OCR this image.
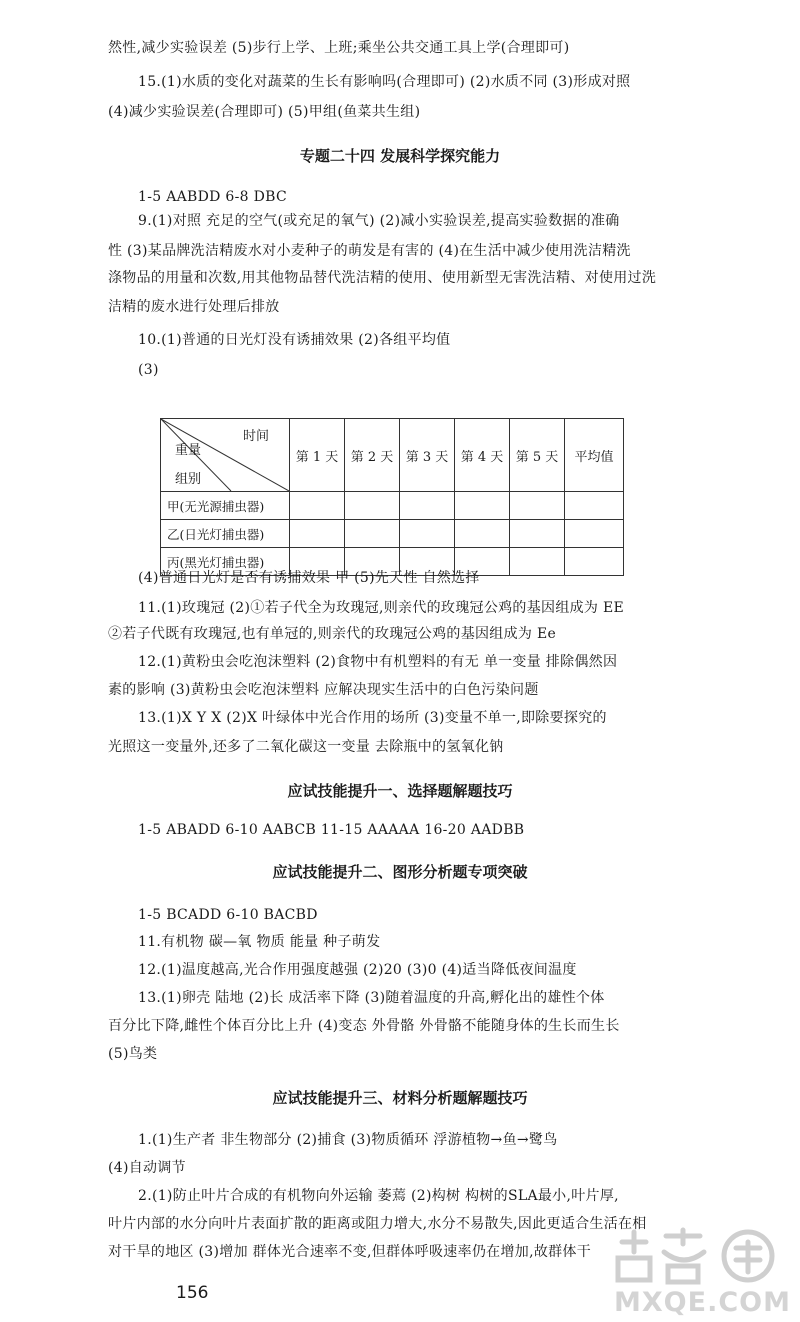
然性,减少实验误差 (5)步行上学、上班;乘坐公共交通工具上学(合理即可)
15.(1)水质的变化对蔬菜的生长有影响吗(合理即可) (2)水质不同 (3)形成对照
(4)减少实验误差(合理即可) (5)甲组(鱼菜共生组)
专题二十四 发展科学探究能力
1-5 AABDD 6-8 DBC
9.(1)对照 充足的空气(或充足的氧气) (2)减小实验误差,提高实验数据的准确
性 (3)某品牌洗洁精废水对小麦种子的萌发是有害的 (4)在生活中减少使用洗洁精洗
涤物品的用量和次数,用其他物品替代洗洁精的使用、使用新型无害洗洁精、对使用过洗
洁精的废水进行处理后排放
10.(1)普通的日光灯没有诱捕效果 (2)各组平均值
(3)
时间
重量
组别	第 1 天	第 2 天	第 3 天	第 4 天	第 5 天	平均值
甲(无光源捕虫器)						
乙(日光灯捕虫器)						
丙(黑光灯捕虫器)						
(4)普通日光灯是否有诱捕效果 甲 (5)先天性 自然选择
11.(1)玫瑰冠 (2)①若子代全为玫瑰冠,则亲代的玫瑰冠公鸡的基因组成为 EE
②若子代既有玫瑰冠,也有单冠的,则亲代的玫瑰冠公鸡的基因组成为 Ee
12.(1)黄粉虫会吃泡沫塑料 (2)食物中有机塑料的有无 单一变量 排除偶然因
素的影响 (3)黄粉虫会吃泡沫塑料 应解决现实生活中的白色污染问题
13.(1)X Y X (2)X 叶绿体中光合作用的场所 (3)变量不单一,即除要探究的
光照这一变量外,还多了二氧化碳这一变量 去除瓶中的氢氧化钠
应试技能提升一、选择题解题技巧
1-5 ABADD 6-10 AABCB 11-15 AAAAA 16-20 AADBB
应试技能提升二、图形分析题专项突破
1-5 BCADD 6-10 BACBD
11.有机物 碳—氧 物质 能量 种子萌发
12.(1)温度越高,光合作用强度越强 (2)20 (3)0 (4)适当降低夜间温度
13.(1)卵壳 陆地 (2)长 成活率下降 (3)随着温度的升高,孵化出的雄性个体
百分比下降,雌性个体百分比上升 (4)变态 外骨骼 外骨骼不能随身体的生长而生长
(5)鸟类
应试技能提升三、材料分析题解题技巧
1.(1)生产者 非生物部分 (2)捕食 (3)物质循环 浮游植物→鱼→鹭鸟
(4)自动调节
2.(1)防止叶片合成的有机物向外运输 萎蔫 (2)构树 构树的SLA最小,叶片厚,
叶片内部的水分向叶片表面扩散的距离或阻力增大,水分不易散失,因此更适合生活在相
对干旱的地区 (3)增加 群体光合速率不变,但群体呼吸速率仍在增加,故群体干
156	MXQE.COM
